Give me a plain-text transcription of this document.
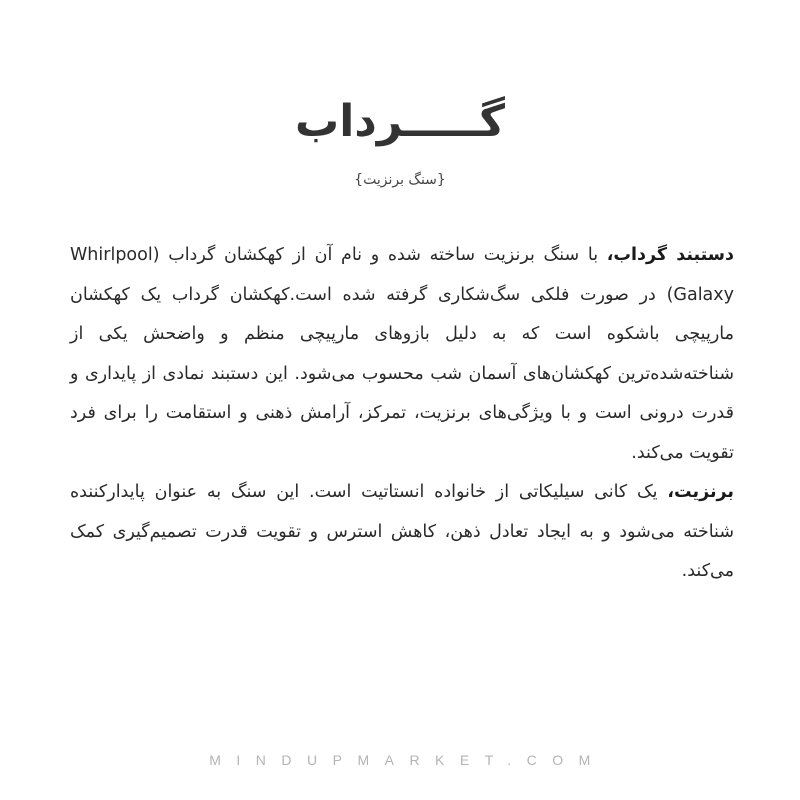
گـــــرداب
{سنگ برنزیت}

دستبند گرداب، با سنگ برنزیت ساخته شده و نام آن از کهکشان گرداب (Whirlpool Galaxy) در صورت فلکی سگ‌شکاری گرفته شده است.کهکشان گرداب یک کهکشان مارپیچی باشکوه است که به دلیل بازوهای مارپیچی منظم و واضحش یکی از شناخته‌شده‌ترین کهکشان‌های آسمان شب محسوب می‌شود. این دستبند نمادی از پایداری و قدرت درونی است و با ویژگی‌های برنزیت، تمرکز، آرامش ذهنی و استقامت را برای فرد تقویت می‌کند.

برنزیت، یک کانی سیلیکاتی از خانواده انستاتیت است. این سنگ به عنوان پایدارکننده شناخته می‌شود و به ایجاد تعادل ذهن، کاهش استرس و تقویت قدرت تصمیم‌گیری کمک می‌کند.

MINDUPMARKET.COM
